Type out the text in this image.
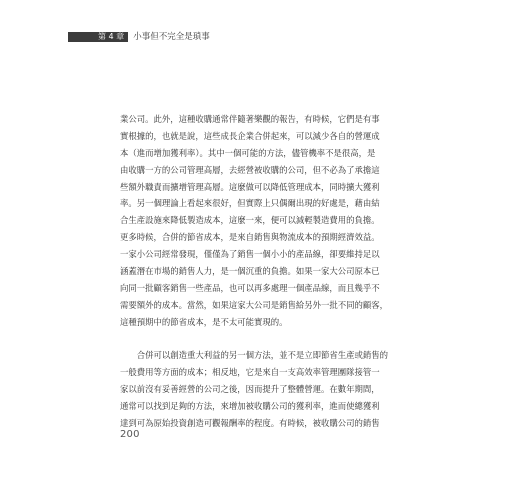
第 4 章	小事但不完全是瑣事
業公司。此外，這種收購通常伴隨著樂觀的報告，有時候，它們是有事
實根據的，也就是說，這些成長企業合併起來，可以減少各自的營運成
本（進而增加獲利率）。其中一個可能的方法，儘管機率不是很高，是
由收購一方的公司管理高層，去經營被收購的公司，但不必為了承擔這
些額外職責而擴增管理高層。這麼做可以降低管理成本，同時擴大獲利
率。另一個理論上看起來很好，但實際上只偶爾出現的好處是，藉由結
合生產設施來降低製造成本，這麼一來，便可以減輕製造費用的負擔。
更多時候，合併的節省成本，是來自銷售與物流成本的預期經濟效益。
一家小公司經常發現，僅僅為了銷售一個小小的產品線，卻要維持足以
涵蓋潛在市場的銷售人力，是一個沉重的負擔。如果一家大公司原本已
向同一批顧客銷售一些產品，也可以再多處理一個產品線，而且幾乎不
需要額外的成本。當然，如果這家大公司是銷售給另外一批不同的顧客，
這種預期中的節省成本，是不太可能實現的。
　　合併可以創造重大利益的另一個方法，並不是立即節省生產或銷售的
一般費用等方面的成本；相反地，它是來自一支高效率管理團隊接管一
家以前沒有妥善經營的公司之後，因而提升了整體營運。在數年期間，
通常可以找到足夠的方法，來增加被收購公司的獲利率，進而使總獲利
達到可為原始投資創造可觀報酬率的程度。有時候，被收購公司的銷售
200
